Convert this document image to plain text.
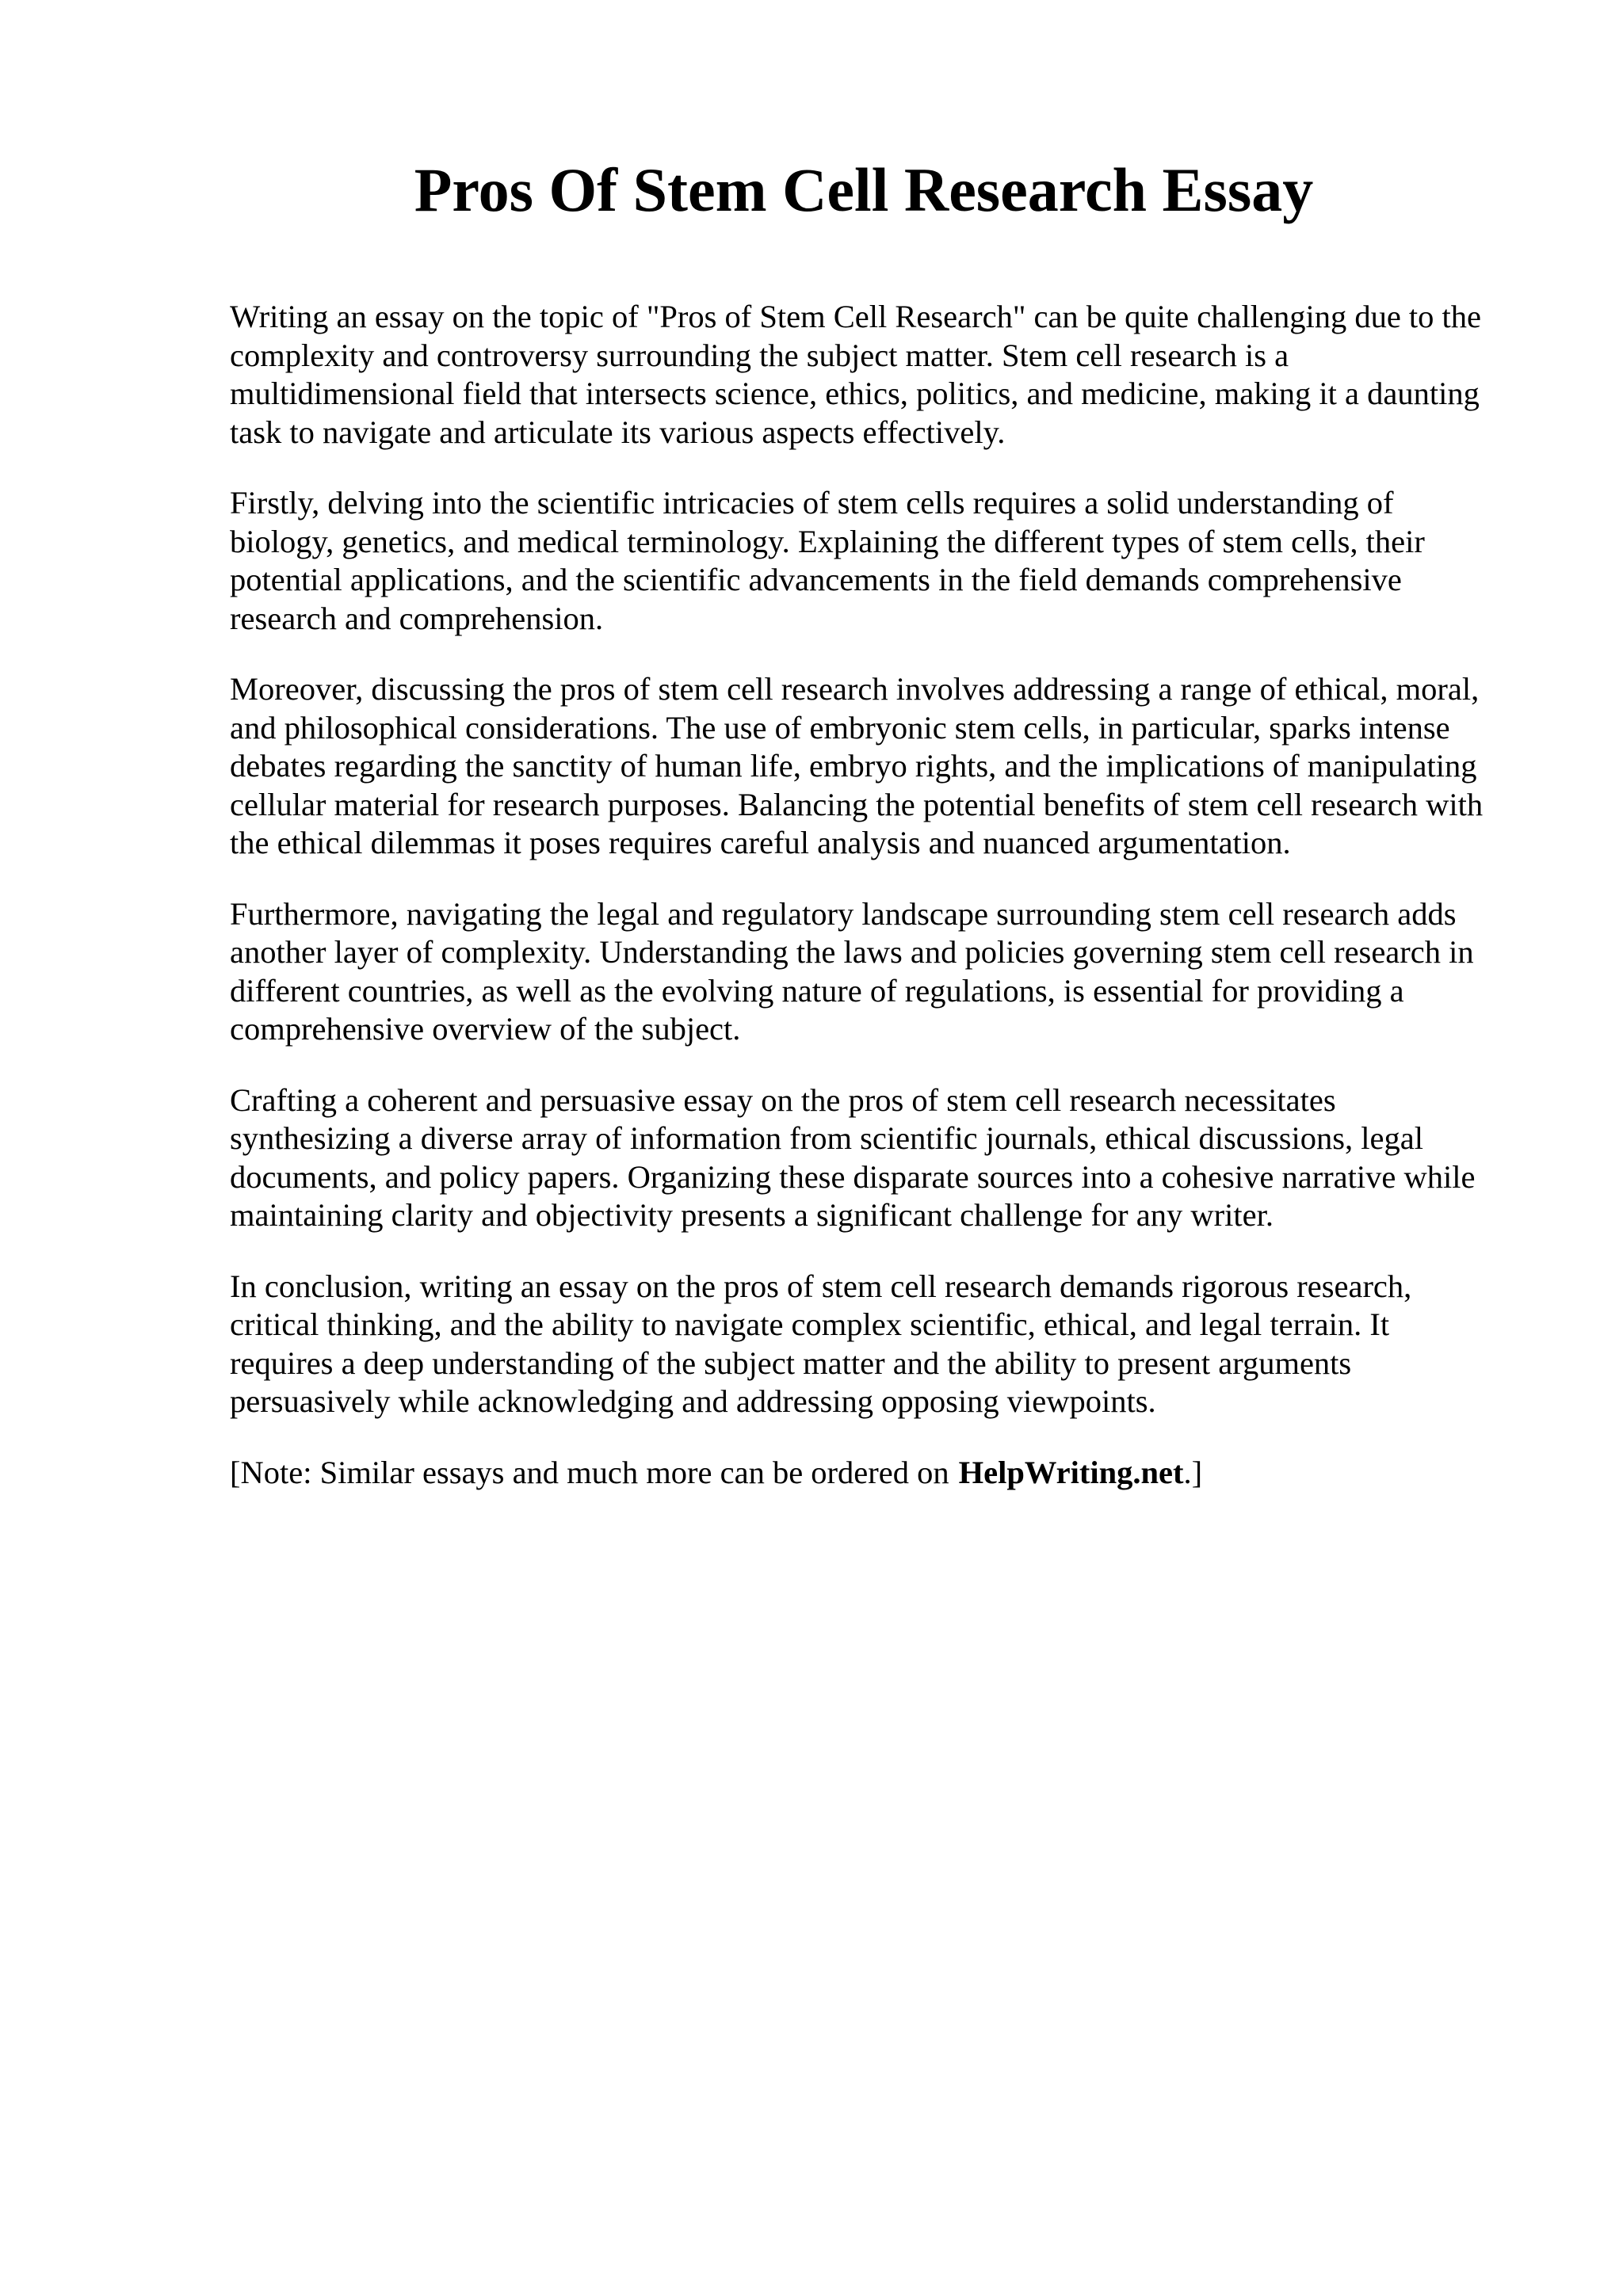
Pros Of Stem Cell Research Essay

Writing an essay on the topic of "Pros of Stem Cell Research" can be quite challenging due to the
complexity and controversy surrounding the subject matter. Stem cell research is a
multidimensional field that intersects science, ethics, politics, and medicine, making it a daunting
task to navigate and articulate its various aspects effectively.

Firstly, delving into the scientific intricacies of stem cells requires a solid understanding of
biology, genetics, and medical terminology. Explaining the different types of stem cells, their
potential applications, and the scientific advancements in the field demands comprehensive
research and comprehension.

Moreover, discussing the pros of stem cell research involves addressing a range of ethical, moral,
and philosophical considerations. The use of embryonic stem cells, in particular, sparks intense
debates regarding the sanctity of human life, embryo rights, and the implications of manipulating
cellular material for research purposes. Balancing the potential benefits of stem cell research with
the ethical dilemmas it poses requires careful analysis and nuanced argumentation.

Furthermore, navigating the legal and regulatory landscape surrounding stem cell research adds
another layer of complexity. Understanding the laws and policies governing stem cell research in
different countries, as well as the evolving nature of regulations, is essential for providing a
comprehensive overview of the subject.

Crafting a coherent and persuasive essay on the pros of stem cell research necessitates
synthesizing a diverse array of information from scientific journals, ethical discussions, legal
documents, and policy papers. Organizing these disparate sources into a cohesive narrative while
maintaining clarity and objectivity presents a significant challenge for any writer.

In conclusion, writing an essay on the pros of stem cell research demands rigorous research,
critical thinking, and the ability to navigate complex scientific, ethical, and legal terrain. It
requires a deep understanding of the subject matter and the ability to present arguments
persuasively while acknowledging and addressing opposing viewpoints.

[Note: Similar essays and much more can be ordered on HelpWriting.net.]
